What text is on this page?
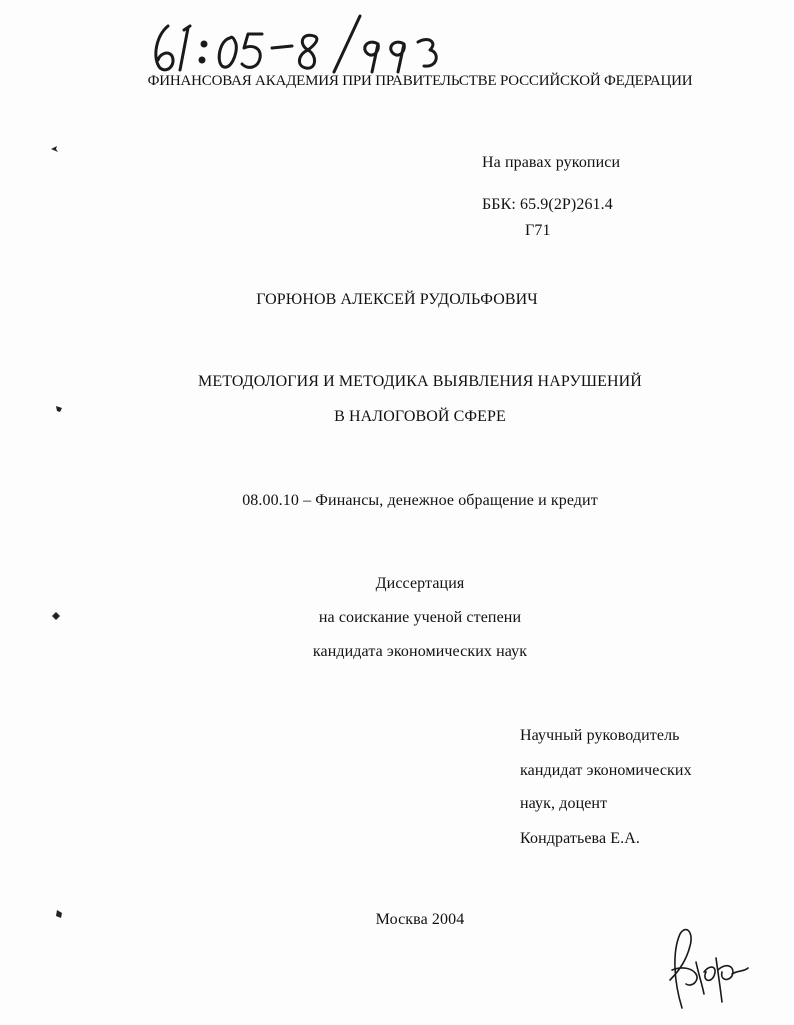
ФИНАНСОВАЯ АКАДЕМИЯ ПРИ ПРАВИТЕЛЬСТВЕ РОССИЙСКОЙ ФЕДЕРАЦИИ
На правах рукописи
ББК: 65.9(2Р)261.4
Г71
ГОРЮНОВ АЛЕКСЕЙ РУДОЛЬФОВИЧ
МЕТОДОЛОГИЯ И МЕТОДИКА ВЫЯВЛЕНИЯ НАРУШЕНИЙ
В НАЛОГОВОЙ СФЕРЕ
08.00.10 – Финансы, денежное обращение и кредит
Диссертация
на соискание ученой степени
кандидата экономических наук
Научный руководитель
кандидат экономических
наук, доцент
Кондратьева Е.А.
Москва 2004
